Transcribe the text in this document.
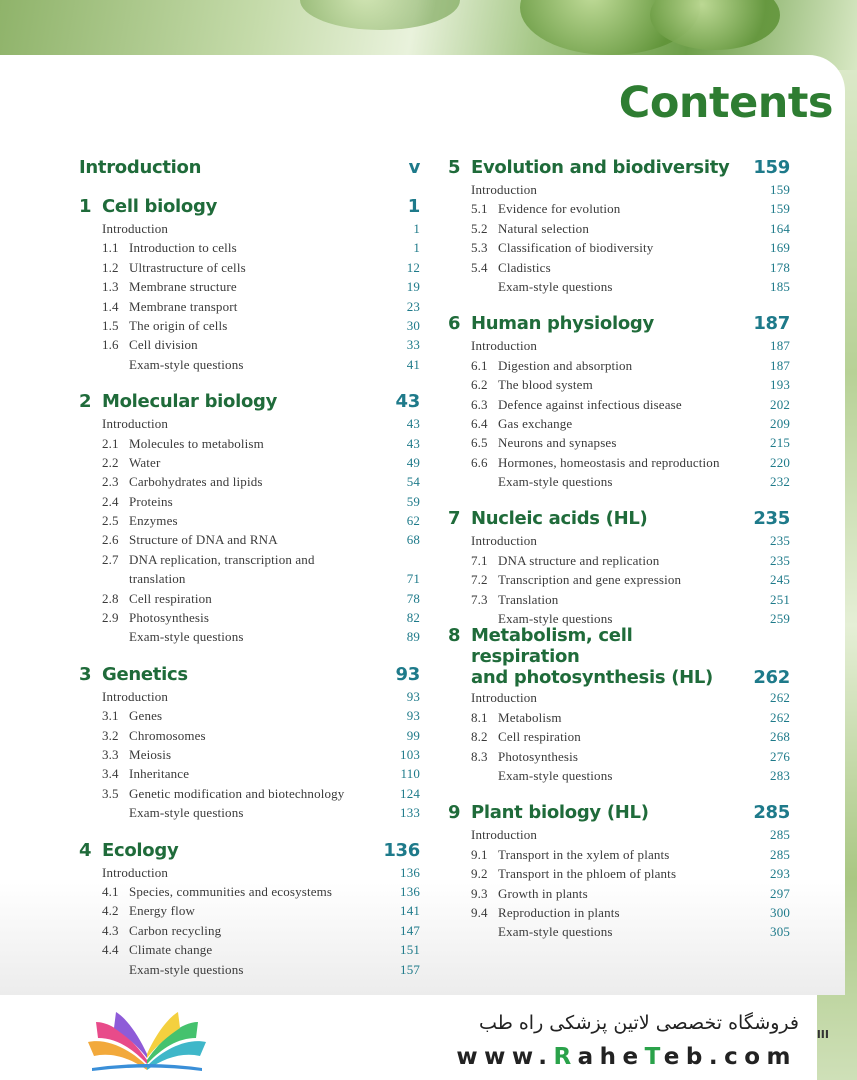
Contents
Introduction	v
1 Cell biology	1
Introduction	1
1.1 Introduction to cells	1
1.2 Ultrastructure of cells	12
1.3 Membrane structure	19
1.4 Membrane transport	23
1.5 The origin of cells	30
1.6 Cell division	33
Exam-style questions	41
2 Molecular biology	43
Introduction	43
2.1 Molecules to metabolism	43
2.2 Water	49
2.3 Carbohydrates and lipids	54
2.4 Proteins	59
2.5 Enzymes	62
2.6 Structure of DNA and RNA	68
2.7 DNA replication, transcription and
translation	71
2.8 Cell respiration	78
2.9 Photosynthesis	82
Exam-style questions	89
3 Genetics	93
Introduction	93
3.1 Genes	93
3.2 Chromosomes	99
3.3 Meiosis	103
3.4 Inheritance	110
3.5 Genetic modification and biotechnology	124
Exam-style questions	133
4 Ecology	136
Introduction	136
4.1 Species, communities and ecosystems	136
4.2 Energy flow	141
4.3 Carbon recycling	147
4.4 Climate change	151
Exam-style questions	157
5 Evolution and biodiversity 159
Introduction	159
5.1 Evidence for evolution	159
5.2 Natural selection	164
5.3 Classification of biodiversity	169
5.4 Cladistics	178
Exam-style questions	185
6 Human physiology	187
Introduction	187
6.1 Digestion and absorption	187
6.2 The blood system	193
6.3 Defence against infectious disease	202
6.4 Gas exchange	209
6.5 Neurons and synapses	215
6.6 Hormones, homeostasis and reproduction	220
Exam-style questions	232
7 Nucleic acids (HL)	235
Introduction	235
7.1 DNA structure and replication	235
7.2 Transcription and gene expression	245
7.3 Translation	251
Exam-style questions	259
8 Metabolism, cell respiration
and photosynthesis (HL)	262
Introduction	262
8.1 Metabolism	262
8.2 Cell respiration	268
8.3 Photosynthesis	276
Exam-style questions	283
9 Plant biology (HL)	285
Introduction	285
9.1 Transport in the xylem of plants	285
9.2 Transport in the phloem of plants	293
9.3 Growth in plants	297
9.4 Reproduction in plants	300
Exam-style questions	305
III
فروشگاه تخصصی لاتین پزشکی راه طب
www.RaheTeb.com
